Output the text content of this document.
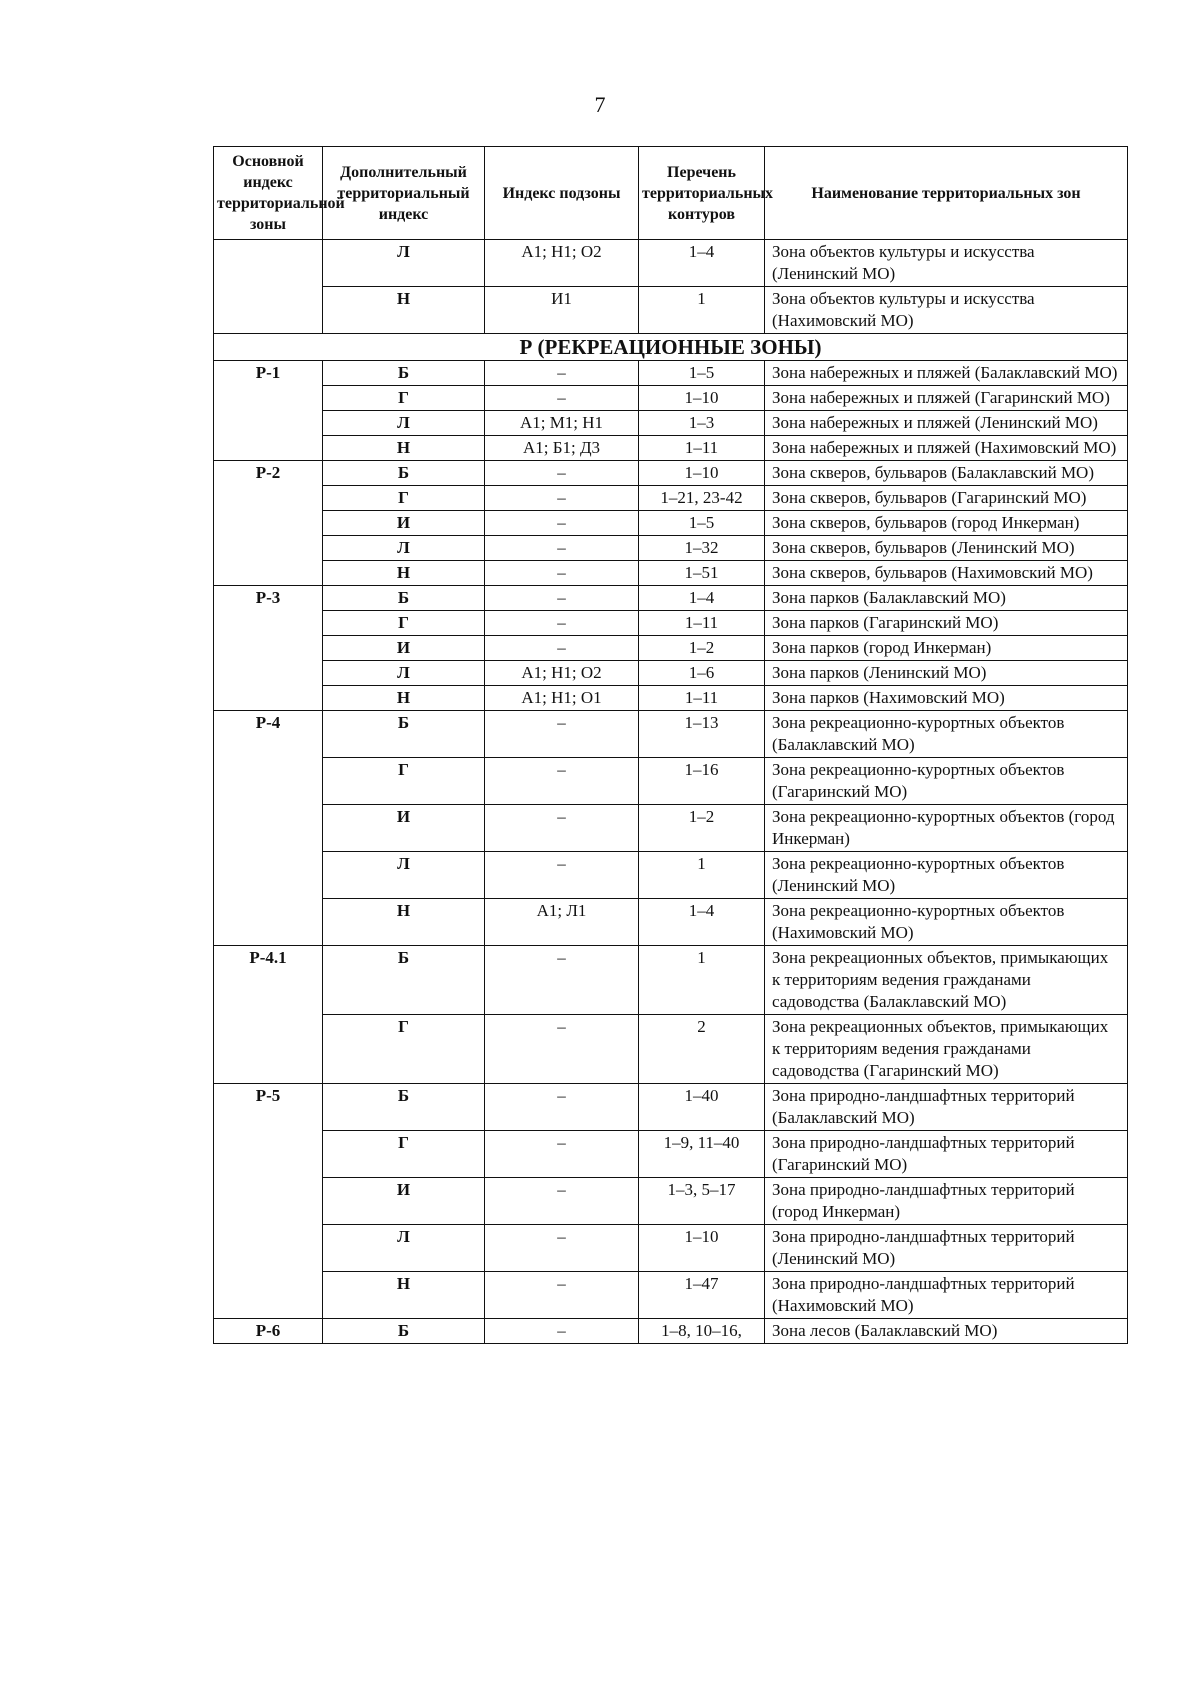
7
Основной индекс территориальной зоны	Дополнительный территориальный индекс	Индекс подзоны	Перечень территориальных контуров	Наименование территориальных зон
	Л	А1; Н1; О2	1–4	Зона объектов культуры и искусства (Ленинский МО)
	Н	И1	1	Зона объектов культуры и искусства (Нахимовский МО)
Р (РЕКРЕАЦИОННЫЕ ЗОНЫ)				
Р-1	Б	–	1–5	Зона набережных и пляжей (Балаклавский МО)
	Г	–	1–10	Зона набережных и пляжей (Гагаринский МО)
	Л	А1; М1; Н1	1–3	Зона набережных и пляжей (Ленинский МО)
	Н	А1; Б1; Д3	1–11	Зона набережных и пляжей (Нахимовский МО)
Р-2	Б	–	1–10	Зона скверов, бульваров (Балаклавский МО)
	Г	–	1–21, 23-42	Зона скверов, бульваров (Гагаринский МО)
	И	–	1–5	Зона скверов, бульваров (город Инкерман)
	Л	–	1–32	Зона скверов, бульваров (Ленинский МО)
	Н	–	1–51	Зона скверов, бульваров (Нахимовский МО)
Р-3	Б	–	1–4	Зона парков (Балаклавский МО)
	Г	–	1–11	Зона парков (Гагаринский МО)
	И	–	1–2	Зона парков (город Инкерман)
	Л	А1; Н1; О2	1–6	Зона парков (Ленинский МО)
	Н	А1; Н1; О1	1–11	Зона парков (Нахимовский МО)
Р-4	Б	–	1–13	Зона рекреационно-курортных объектов (Балаклавский МО)
	Г	–	1–16	Зона рекреационно-курортных объектов (Гагаринский МО)
	И	–	1–2	Зона рекреационно-курортных объектов (город Инкерман)
	Л	–	1	Зона рекреационно-курортных объектов (Ленинский МО)
	Н	А1; Л1	1–4	Зона рекреационно-курортных объектов (Нахимовский МО)
Р-4.1	Б	–	1	Зона рекреационных объектов, примыкающих к территориям ведения гражданами садоводства (Балаклавский МО)
	Г	–	2	Зона рекреационных объектов, примыкающих к территориям ведения гражданами садоводства (Гагаринский МО)
Р-5	Б	–	1–40	Зона природно-ландшафтных территорий (Балаклавский МО)
	Г	–	1–9, 11–40	Зона природно-ландшафтных территорий (Гагаринский МО)
	И	–	1–3, 5–17	Зона природно-ландшафтных территорий (город Инкерман)
	Л	–	1–10	Зона природно-ландшафтных территорий (Ленинский МО)
	Н	–	1–47	Зона природно-ландшафтных территорий (Нахимовский МО)
Р-6	Б	–	1–8, 10–16,	Зона лесов (Балаклавский МО)
